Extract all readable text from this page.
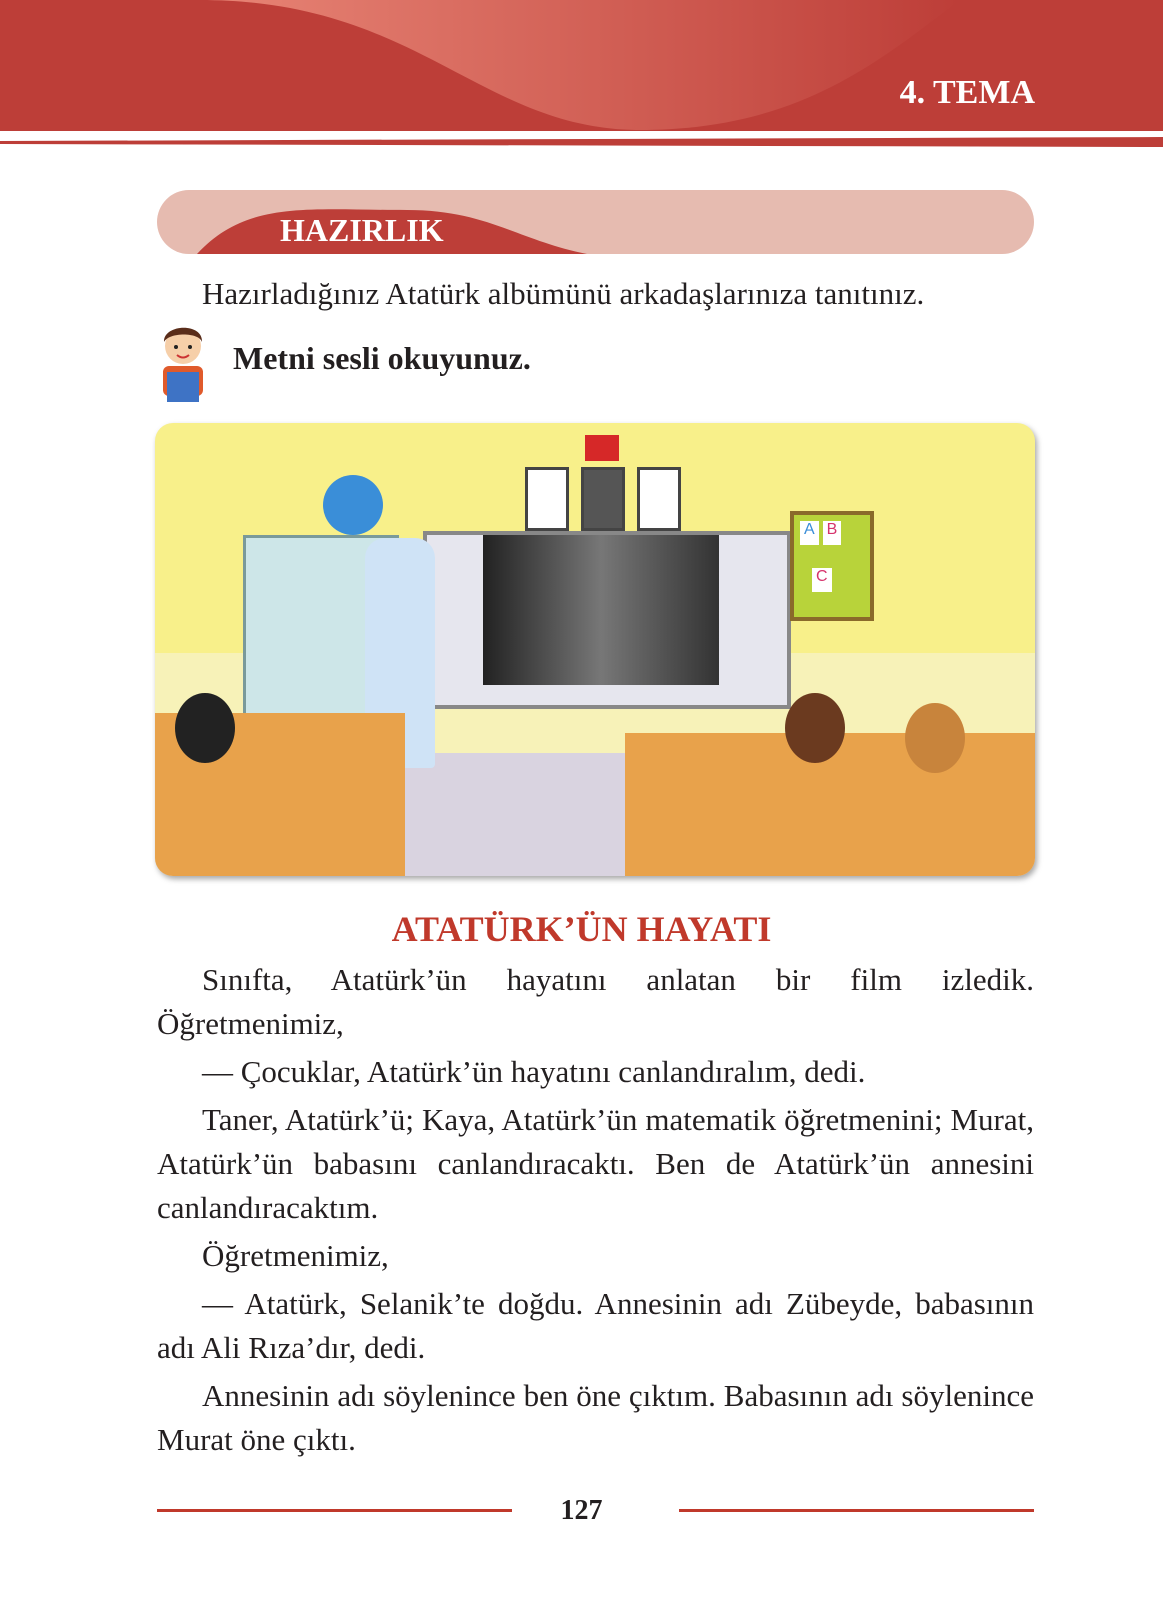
4. TEMA
HAZIRLIK
Hazırladığınız Atatürk albümünü arkadaşlarınıza tanıtınız.
Metni sesli okuyunuz.
A B
C
ATATÜRK’ÜN HAYATI

Sınıfta, Atatürk’ün hayatını anlatan bir film izledik. Öğretmenimiz,

— Çocuklar, Atatürk’ün hayatını canlandıralım, dedi.

Taner, Atatürk’ü; Kaya, Atatürk’ün matematik öğretmenini; Murat, Atatürk’ün babasını canlandıracaktı. Ben de Atatürk’ün annesini canlandıracaktım.

Öğretmenimiz,

— Atatürk, Selanik’te doğdu. Annesinin adı Zübeyde, babasının adı Ali Rıza’dır, dedi.

Annesinin adı söylenince ben öne çıktım. Babasının adı söylenince Murat öne çıktı.

127
